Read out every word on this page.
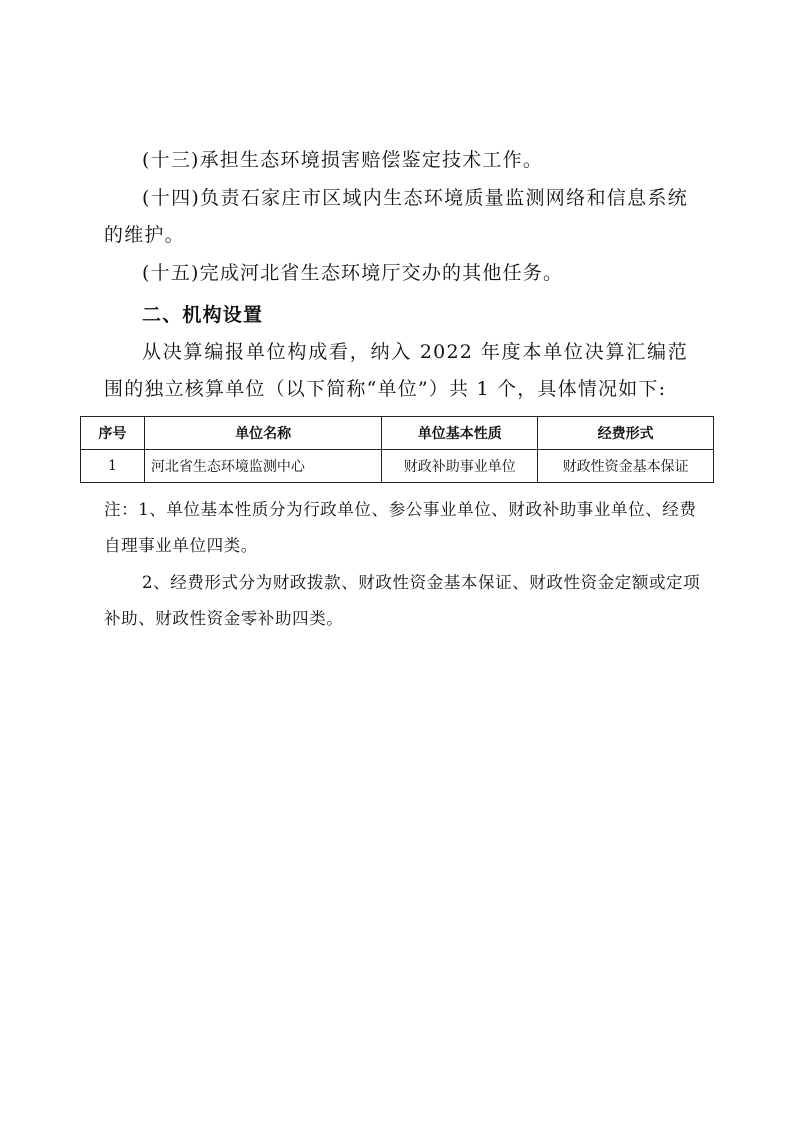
(十三)承担生态环境损害赔偿鉴定技术工作。

(十四)负责石家庄市区域内生态环境质量监测网络和信息系统的维护。

(十五)完成河北省生态环境厅交办的其他任务。

二、机构设置

从决算编报单位构成看，纳入 2022 年度本单位决算汇编范围的独立核算单位（以下简称“单位”）共 1 个，具体情况如下:

序号	单位名称	单位基本性质	经费形式
1	河北省生态环境监测中心	财政补助事业单位	财政性资金基本保证

注：1、单位基本性质分为行政单位、参公事业单位、财政补助事业单位、经费自理事业单位四类。

2、经费形式分为财政拨款、财政性资金基本保证、财政性资金定额或定项补助、财政性资金零补助四类。
